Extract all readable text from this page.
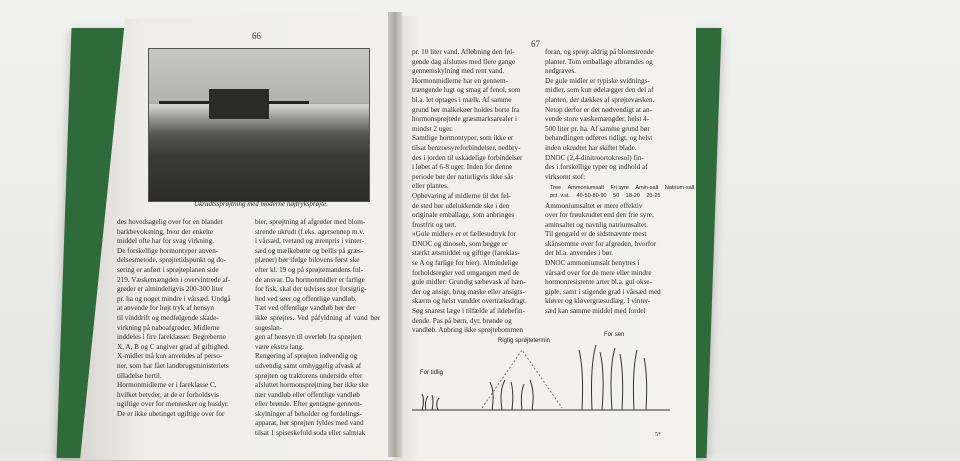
66
67
Ukrudtssprøjtning med moderne højtryksprøjte.
des hovedsagelig over for en blandet
barkbevoksning, hvor der enkelte
middel ofte har for svag virkning.
De forskellige hormontyper anven-
delsesmetode, sprøjtetidspunkt og do-
sering er anført i sprøjteplanen side
219. Væskemængden i overvintrede af-
grøder er almindeligvis 200-300 liter
pr. ha og noget mindre i vårsæd. Undgå
at anvende for højt tryk af hensyn
til vinddrift og medfølgende skade-
virkning på naboafgrøder. Midlerne
inddeles i fire fareklasser. Begreberne
X, A, B og C angiver grad af giftighed.
X-midler må kun anvendes af perso-
ner, som har fået landbrugsministeriets
tilladelse hertil.
Hormonmidlerne er i fareklasse C,
hvilket betyder, at de er forholdsvis
ugiftige over for mennesker og husdyr.
De er ikke ubetinget ugiftige over for
bier, sprøjtning af afgrøder med blom-
strende ukrudt (f.eks. agersennep m.v.
i vårsæd, tvetand og ærenpris i vinter-
sæd og mælkebøtte og bellis på græs-
plæner) bør ifølge bilovens først ske
efter kl. 19 og på sprøjtemandens ful-
de ansvar. Da hormonmidler er farlige
for fisk, skal der udvises stor forsigtig-
hed ved søer og offentlige vandløb.
Tæt ved offentlige vandløb bør der
ikke sprøjtes. Ved påfyldning af vand bør sugeslan-
gen af hensyn til overløb fra sprøjten
være ekstra lang.
Rengøring af sprøjten indvendig og
udvendig samt omhyggelig afvask af
sprøjten og traktorens underside efter
afsluttet hormonsprøjtning bør ikke ske
nær vandløb eller offentlige vandløb
eller brønde. Efter gentagne gennem-
skylninger af beholder og fordelings-
apparat, bør sprøjten fyldes med vand
tilsat 1 spiseskefuld soda eller salmiak
pr. 10 liter vand. Afløbning den føl-
gende dag afsluttes med flere gange
gennemskylning med rent vand.
Hormonmidlerne har en gennem-
trængende lugt og smag af fenol, som
bl.a. let optages i mælk. Af samme
grund bør malkekøer holdes borte fra
hormonsprøjtede græsmarksarealer i
mindst 2 uger.
Samtlige hormontyper, som ikke er
tilsat benzoesyreforbindelser, nedbry-
des i jorden til uskadelige forbindelser
i løbet af 6-8 uger. Inden for denne
periode bør der naturligvis ikke sås
eller plantes.
Opbevaring af midlerne til det fel-
de sted bør udelukkende ske i den
originale emballage, som anbringes
frostfrit og tørt.
»Gule midler« er et fællesudtryk for
DNOC og dinoseb, som begge er
stærkt ætsmiddel og giftige (fareklas-
se A og farlige for bier). Almindelige
forholdsregler ved omgangen med de
gule midler: Grundig sæbevask af hæn-
der og ansigt, brug maske eller ansigts-
skærm og helst vanddet overtræksdragt.
Søg snarest læge i tilfælde af ildebefin-
dende. Pas på børn, dyr, brønde og
vandløb. Anbring ikke sprøjtebommen
foran, og sprøjt aldrig på blomstrende
planter. Tom emballage afbrændes og
nedgraves.
De gule midler er typiske svidnings-
midler, som kun ødelægger den del af
planten, der dækkes af sprøjtevæsken.
Netop derfor er det nødvendigt at an-
vende store væskemængder, helst 4-
500 liter pr. ha. Af samme grund bør
behandlingen udføres tidligt, og helst
inden ukrudtet har skiftet blade.
DNOC (2,4-dinitroortokresol) fin-
des i forskellige typer og indhold af
virksomt stof:

Ammoniumsaltet er mere effektiv
over for frøukrudtet end den frie syre,
aminsaltet og navnlig natriumsaltet.
Til gengæld er de sidstnævnte mest
skånsomme over for afgrøden, hvorfor
det bl.a. anvendes i bør.
DNOC ammoniumsalt benyttes i
vårsæd over for de mere eller mindre
hormonresistente arter bl.a. gul okse-
giple, samt i stigende grad i vårsæd med
kløver og kløvergræsudlæg. I vinter-
sæd kan samme middel med fordel
Tree Ammoniumsalt Fri syre Amin-salt Natrium-salt
pct. v.st. 40-50-80-90 50 18-20 20-25
For tidlig
Rigtig sprøjtetermin
For sen
5*
